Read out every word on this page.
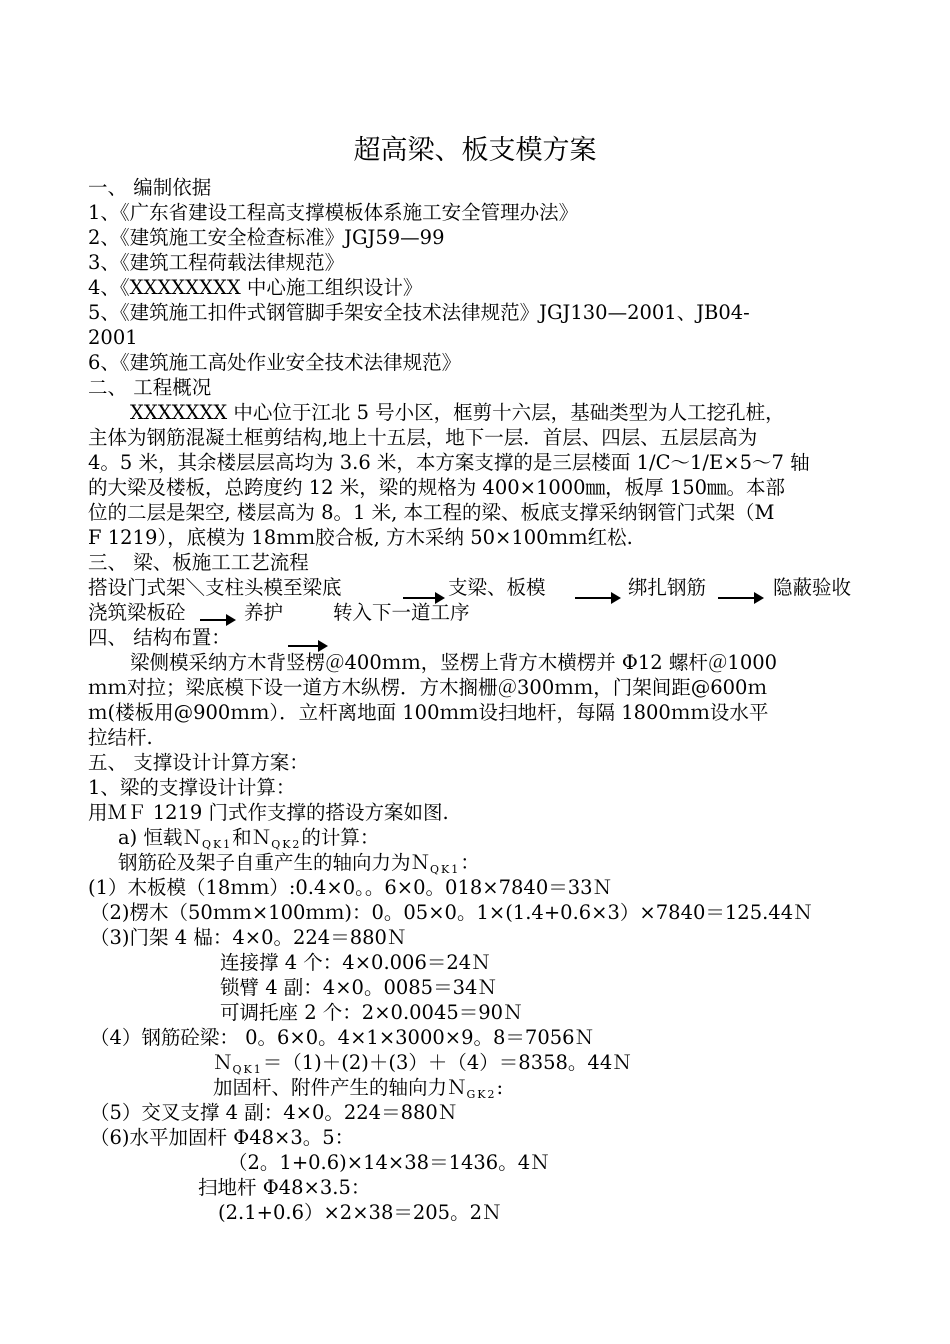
超高梁、板支模方案
一、 编制依据
1、《广东省建设工程高支撑模板体系施工安全管理办法》
2、《建筑施工安全检查标准》JGJ59—99
3、《建筑工程荷载法律规范》
4、《XXXXXXXX 中心施工组织设计》
5、《建筑施工扣件式钢管脚手架安全技术法律规范》JGJ130—2001、JB04-
2001
6、《建筑施工高处作业安全技术法律规范》
二、 工程概况
XXXXXXX 中心位于江北 5 号小区，框剪十六层，基础类型为人工挖孔桩，
主体为钢筋混凝土框剪结构,地上十五层，地下一层．首层、四层、五层层高为
4。5 米，其余楼层层高均为 3.6 米，本方案支撑的是三层楼面 1/C～1/E×5～7 轴
的大梁及楼板，总跨度约 12 米，梁的规格为 400×1000㎜，板厚 150㎜。本部
位的二层是架空, 楼层高为 8。1 米, 本工程的梁、板底支撑采纳钢管门式架（M
F 1219），底模为 18ｍｍ胶合板, 方木采纳 50×100ｍｍ红松.
三、 梁、板施工工艺流程
搭设门式架＼支柱头模至梁底	支梁、板模	绑扎钢筋	隐蔽验收
浇筑梁板砼	养护	转入下一道工序
四、 结构布置：
梁侧模采纳方木背竖楞＠400ｍｍ，竖楞上背方木横楞并 Φ12 螺杆＠1000
ｍｍ对拉；梁底模下设一道方木纵楞．方木搁栅＠300ｍｍ，门架间距@600ｍ
ｍ(楼板用@900ｍｍ）．立杆离地面 100ｍｍ设扫地杆，每隔 1800ｍｍ设水平
拉结杆.
五、 支撑设计计算方案：
1、梁的支撑设计计算：
用ＭＦ 1219 门式作支撑的搭设方案如图.
a) 恒载Ｎ$_{QK1}$和Ｎ$_{QK2}$的计算：
钢筋砼及架子自重产生的轴向力为Ｎ$_{QK1}$：
(1）木板模（18ｍｍ）:0.4×0。。6×0。018×7840＝33Ｎ
（2)楞木（50ｍｍ×100ｍｍ)：0。05×0。1×(1.4+0.6×3）×7840＝125.44Ｎ
（3)门架 4 榀：4×0。224＝880Ｎ
连接撑 4 个：4×0.006＝24Ｎ
锁臂 4 副：4×0。0085＝34Ｎ
可调托座 2 个：2×0.0045＝90Ｎ
（4）钢筋砼梁： 0。6×0。4×1×3000×9。8＝7056Ｎ
Ｎ$_{QK1}$＝（1)＋(2)＋(3）＋（4）＝8358。44Ｎ
加固杆、附件产生的轴向力Ｎ$_{GK2}$:
（5）交叉支撑 4 副：4×0。224＝880Ｎ
（6)水平加固杆 Φ48×3。5：
（2。1+0.6)×14×38＝1436。4Ｎ
扫地杆 Φ48×3.5：
(2.1+0.6）×2×38＝205。2Ｎ
